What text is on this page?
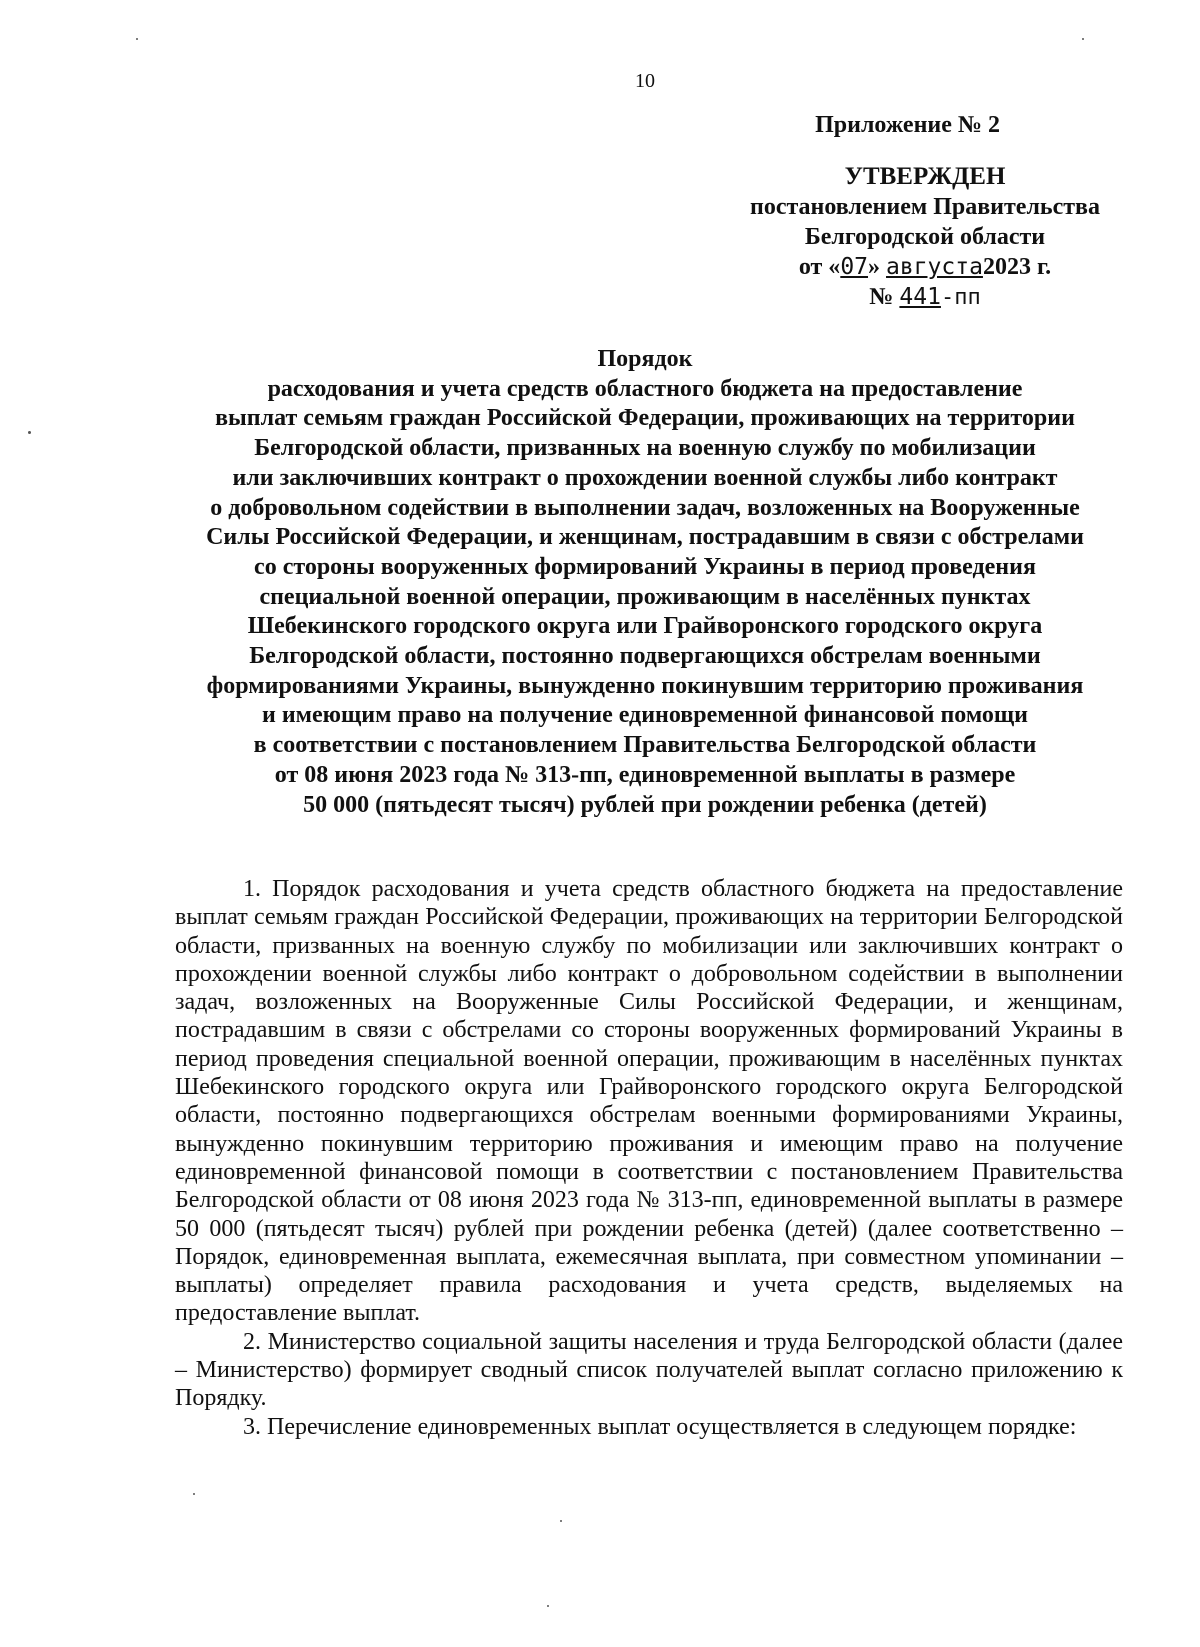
10
Приложение № 2
УТВЕРЖДЕН
постановлением Правительства
Белгородской области
от «07» августа2023 г.
№ 441-пп
Порядок
расходования и учета средств областного бюджета на предоставление
выплат семьям граждан Российской Федерации, проживающих на территории
Белгородской области, призванных на военную службу по мобилизации
или заключивших контракт о прохождении военной службы либо контракт
о добровольном содействии в выполнении задач, возложенных на Вооруженные
Силы Российской Федерации, и женщинам, пострадавшим в связи с обстрелами
со стороны вооруженных формирований Украины в период проведения
специальной военной операции, проживающим в населённых пунктах
Шебекинского городского округа или Грайворонского городского округа
Белгородской области, постоянно подвергающихся обстрелам военными
формированиями Украины, вынужденно покинувшим территорию проживания
и имеющим право на получение единовременной финансовой помощи
в соответствии с постановлением Правительства Белгородской области
от 08 июня 2023 года № 313-пп, единовременной выплаты в размере
50 000 (пятьдесят тысяч) рублей при рождении ребенка (детей)

1. Порядок расходования и учета средств областного бюджета на предоставление выплат семьям граждан Российской Федерации, проживающих на территории Белгородской области, призванных на военную службу по мобилизации или заключивших контракт о прохождении военной службы либо контракт о добровольном содействии в выполнении задач, возложенных на Вооруженные Силы Российской Федерации, и женщинам, пострадавшим в связи с обстрелами со стороны вооруженных формирований Украины в период проведения специальной военной операции, проживающим в населённых пунктах Шебекинского городского округа или Грайворонского городского округа Белгородской области, постоянно подвергающихся обстрелам военными формированиями Украины, вынужденно покинувшим территорию проживания и имеющим право на получение единовременной финансовой помощи в соответствии с постановлением Правительства Белгородской области от 08 июня 2023 года № 313-пп, единовременной выплаты в размере 50 000 (пятьдесят тысяч) рублей при рождении ребенка (детей) (далее соответственно – Порядок, единовременная выплата, ежемесячная выплата, при совместном упоминании – выплаты) определяет правила расходования и учета средств, выделяемых на предоставление выплат.

2. Министерство социальной защиты населения и труда Белгородской области (далее – Министерство) формирует сводный список получателей выплат согласно приложению к Порядку.

3. Перечисление единовременных выплат осуществляется в следующем порядке:
